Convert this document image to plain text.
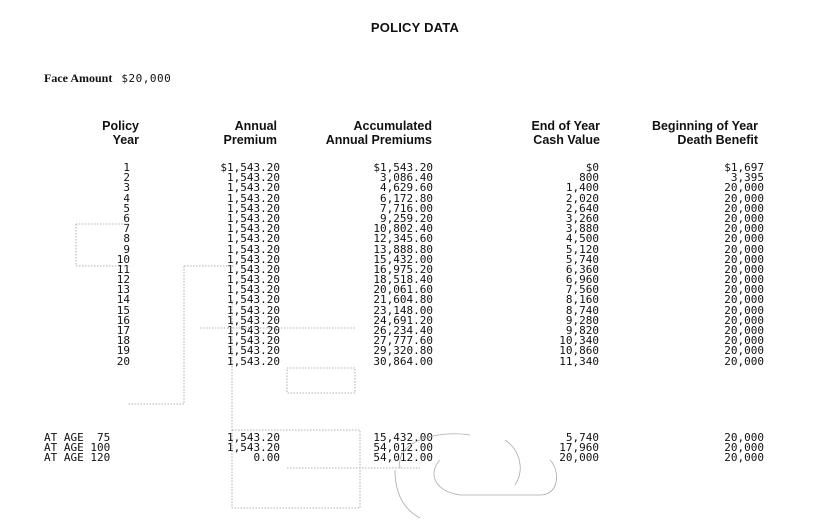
POLICY DATA
Face Amount $20,000
Policy
Year
Annual
Premium
Accumulated
Annual Premiums
End of Year
Cash Value
Beginning of Year
Death Benefit
1
2
3
4
5
6
7
8
9
10
11
12
13
14
15
16
17
18
19
20
$1,543.20
1,543.20
1,543.20
1,543.20
1,543.20
1,543.20
1,543.20
1,543.20
1,543.20
1,543.20
1,543.20
1,543.20
1,543.20
1,543.20
1,543.20
1,543.20
1,543.20
1,543.20
1,543.20
1,543.20
$1,543.20
3,086.40
4,629.60
6,172.80
7,716.00
9,259.20
10,802.40
12,345.60
13,888.80
15,432.00
16,975.20
18,518.40
20,061.60
21,604.80
23,148.00
24,691.20
26,234.40
27,777.60
29,320.80
30,864.00
$0
800
1,400
2,020
2,640
3,260
3,880
4,500
5,120
5,740
6,360
6,960
7,560
8,160
8,740
9,280
9,820
10,340
10,860
11,340
$1,697
3,395
20,000
20,000
20,000
20,000
20,000
20,000
20,000
20,000
20,000
20,000
20,000
20,000
20,000
20,000
20,000
20,000
20,000
20,000
AT AGE  75
AT AGE 100
AT AGE 120
1,543.20
1,543.20
0.00
15,432.00
54,012.00
54,012.00
5,740
17,960
20,000
20,000
20,000
20,000
